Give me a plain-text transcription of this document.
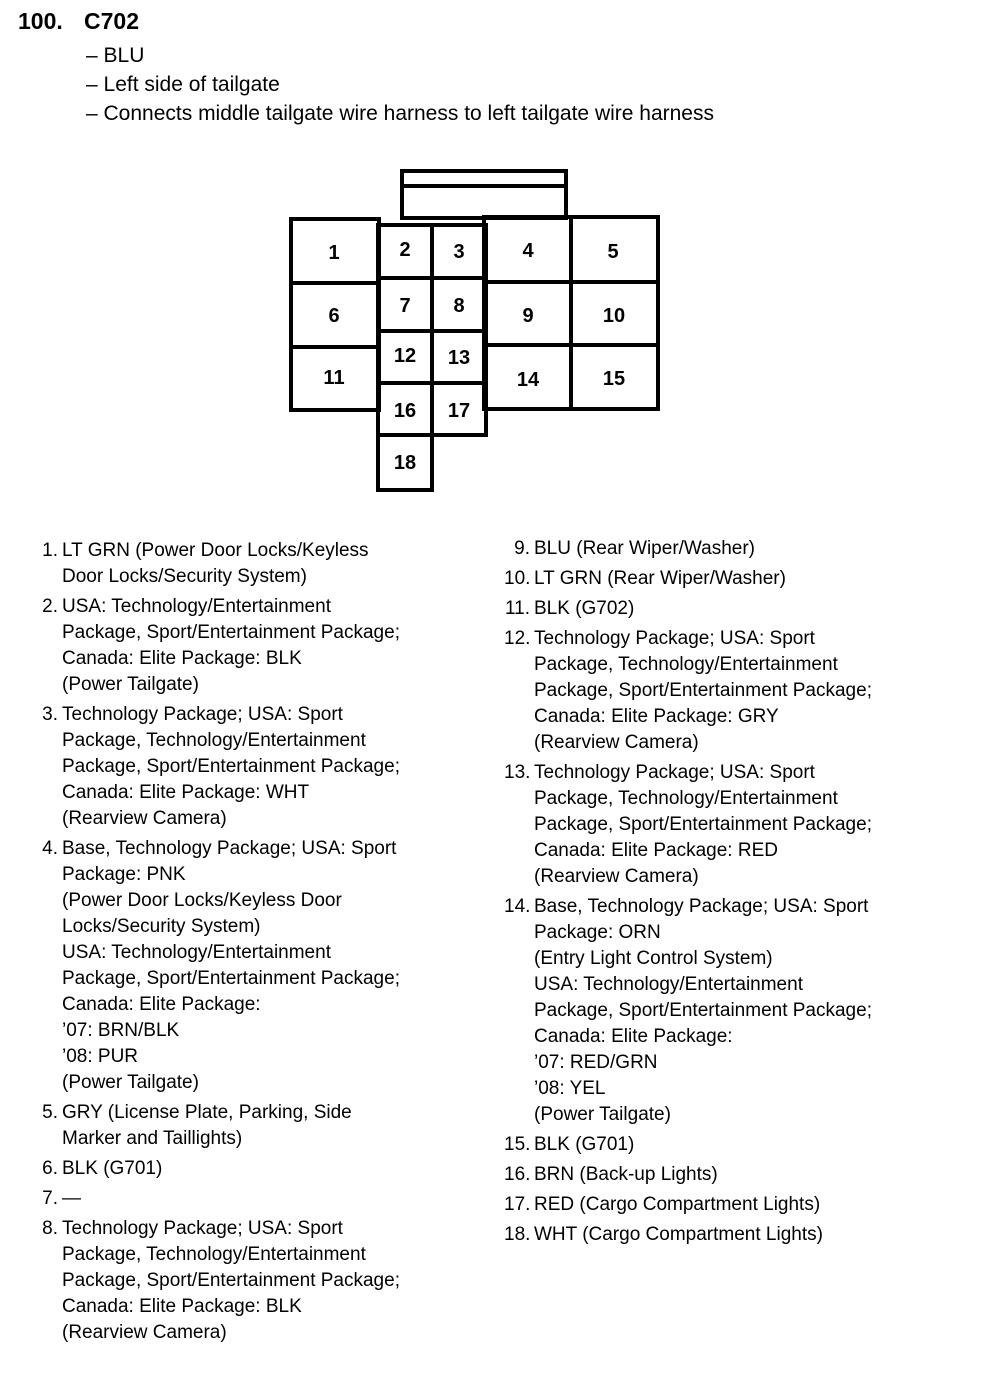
100. C702
– BLU
– Left side of tailgate
– Connects middle tailgate wire harness to left tailgate wire harness
1	2 3	4	5
6	7 8	9	10
11
12 13
14	15
16 17
18
1. LT GRN (Power Door Locks/Keyless
Door Locks/Security System)
2. USA: Technology/Entertainment
Package, Sport/Entertainment Package;
Canada: Elite Package: BLK
(Power Tailgate)
3. Technology Package; USA: Sport
Package, Technology/Entertainment
Package, Sport/Entertainment Package;
Canada: Elite Package: WHT
(Rearview Camera)
4. Base, Technology Package; USA: Sport
Package: PNK
(Power Door Locks/Keyless Door
Locks/Security System)
USA: Technology/Entertainment
Package, Sport/Entertainment Package;
Canada: Elite Package:
’07: BRN/BLK
’08: PUR
(Power Tailgate)
5. GRY (License Plate, Parking, Side
Marker and Taillights)
6. BLK (G701)
7. —
8. Technology Package; USA: Sport
Package, Technology/Entertainment
Package, Sport/Entertainment Package;
Canada: Elite Package: BLK
(Rearview Camera)
9. BLU (Rear Wiper/Washer)
10. LT GRN (Rear Wiper/Washer)
11. BLK (G702)
12. Technology Package; USA: Sport
Package, Technology/Entertainment
Package, Sport/Entertainment Package;
Canada: Elite Package: GRY
(Rearview Camera)
13. Technology Package; USA: Sport
Package, Technology/Entertainment
Package, Sport/Entertainment Package;
Canada: Elite Package: RED
(Rearview Camera)
14. Base, Technology Package; USA: Sport
Package: ORN
(Entry Light Control System)
USA: Technology/Entertainment
Package, Sport/Entertainment Package;
Canada: Elite Package:
’07: RED/GRN
’08: YEL
(Power Tailgate)
15. BLK (G701)
16. BRN (Back-up Lights)
17. RED (Cargo Compartment Lights)
18. WHT (Cargo Compartment Lights)
